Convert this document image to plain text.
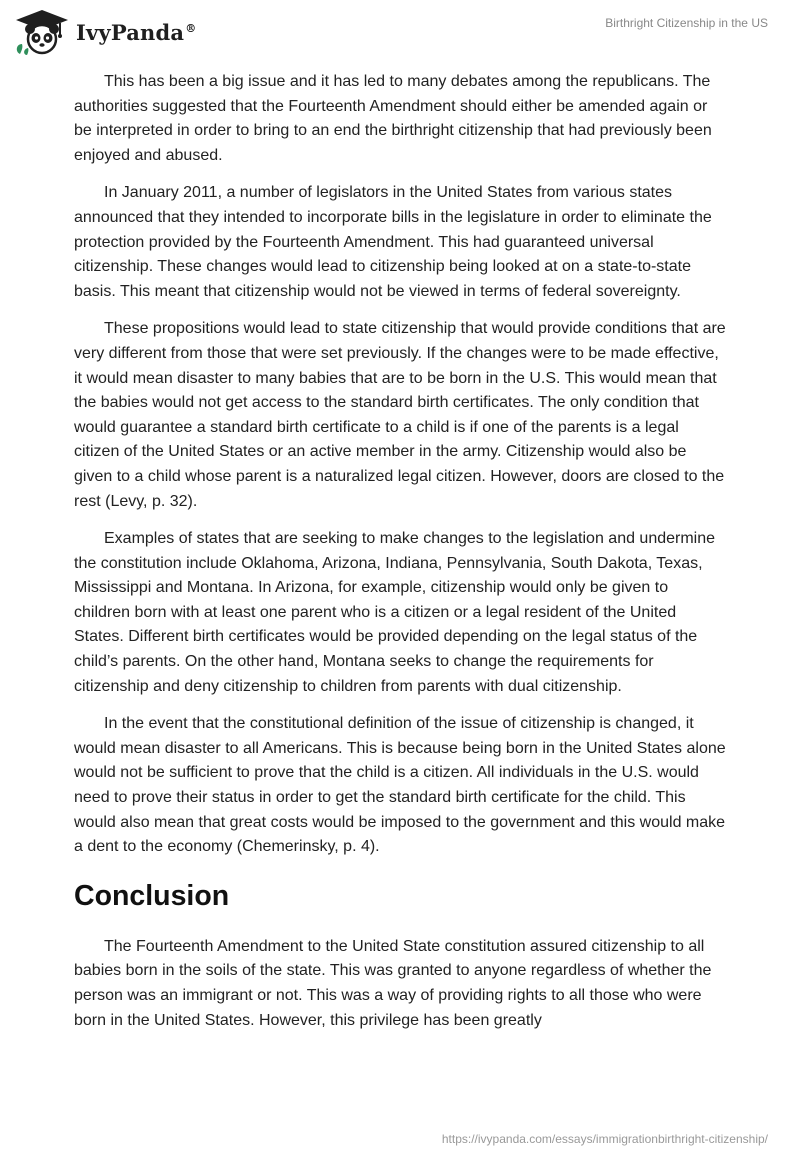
IvyPanda®	Birthright Citizenship in the US

This has been a big issue and it has led to many debates among the republicans. The authorities suggested that the Fourteenth Amendment should either be amended again or be interpreted in order to bring to an end the birthright citizenship that had previously been enjoyed and abused.

In January 2011, a number of legislators in the United States from various states announced that they intended to incorporate bills in the legislature in order to eliminate the protection provided by the Fourteenth Amendment. This had guaranteed universal citizenship. These changes would lead to citizenship being looked at on a state-to-state basis. This meant that citizenship would not be viewed in terms of federal sovereignty.

These propositions would lead to state citizenship that would provide conditions that are very different from those that were set previously. If the changes were to be made effective, it would mean disaster to many babies that are to be born in the U.S. This would mean that the babies would not get access to the standard birth certificates. The only condition that would guarantee a standard birth certificate to a child is if one of the parents is a legal citizen of the United States or an active member in the army. Citizenship would also be given to a child whose parent is a naturalized legal citizen. However, doors are closed to the rest (Levy, p. 32).

Examples of states that are seeking to make changes to the legislation and undermine the constitution include Oklahoma, Arizona, Indiana, Pennsylvania, South Dakota, Texas, Mississippi and Montana. In Arizona, for example, citizenship would only be given to children born with at least one parent who is a citizen or a legal resident of the United States. Different birth certificates would be provided depending on the legal status of the child’s parents. On the other hand, Montana seeks to change the requirements for citizenship and deny citizenship to children from parents with dual citizenship.

In the event that the constitutional definition of the issue of citizenship is changed, it would mean disaster to all Americans. This is because being born in the United States alone would not be sufficient to prove that the child is a citizen. All individuals in the U.S. would need to prove their status in order to get the standard birth certificate for the child. This would also mean that great costs would be imposed to the government and this would make a dent to the economy (Chemerinsky, p. 4).

Conclusion

The Fourteenth Amendment to the United State constitution assured citizenship to all babies born in the soils of the state. This was granted to anyone regardless of whether the person was an immigrant or not. This was a way of providing rights to all those who were born in the United States. However, this privilege has been greatly

https://ivypanda.com/essays/immigrationbirthright-citizenship/
